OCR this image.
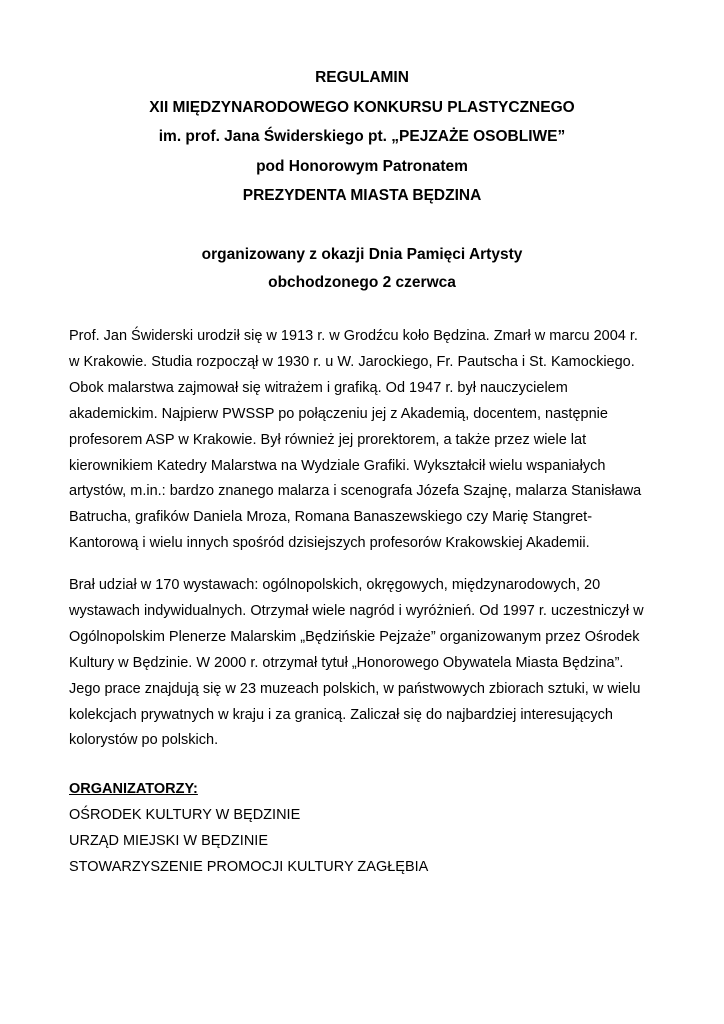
REGULAMIN
XII MIĘDZYNARODOWEGO KONKURSU PLASTYCZNEGO
im. prof. Jana Świderskiego pt. „PEJZAŻE OSOBLIWE”
pod Honorowym Patronatem
PREZYDENTA MIASTA BĘDZINA
organizowany z okazji Dnia Pamięci Artysty
obchodzonego 2 czerwca
Prof. Jan Świderski urodził się w 1913 r. w Grodźcu koło Będzina. Zmarł w marcu 2004 r.
w Krakowie. Studia rozpoczął w 1930 r. u W. Jarockiego, Fr. Pautscha i St. Kamockiego.
Obok malarstwa zajmował się witrażem i grafiką. Od 1947 r. był nauczycielem
akademickim. Najpierw PWSSP po połączeniu jej z Akademią, docentem, następnie
profesorem ASP w Krakowie. Był również jej prorektorem, a także przez wiele lat
kierownikiem Katedry Malarstwa na Wydziale Grafiki. Wykształcił wielu wspaniałych
artystów, m.in.: bardzo znanego malarza i scenografa Józefa Szajnę, malarza Stanisława
Batrucha, grafików Daniela Mroza, Romana Banaszewskiego czy Marię Stangret-
Kantorową i wielu innych spośród dzisiejszych profesorów Krakowskiej Akademii.
Brał udział w 170 wystawach: ogólnopolskich, okręgowych, międzynarodowych, 20
wystawach indywidualnych. Otrzymał wiele nagród i wyróżnień. Od 1997 r. uczestniczył w
Ogólnopolskim Plenerze Malarskim „Będzińskie Pejzaże” organizowanym przez Ośrodek
Kultury w Będzinie. W 2000 r. otrzymał tytuł „Honorowego Obywatela Miasta Będzina”.
Jego prace znajdują się w 23 muzeach polskich, w państwowych zbiorach sztuki, w wielu
kolekcjach prywatnych w kraju i za granicą. Zaliczał się do najbardziej interesujących
kolorystów po polskich.
ORGANIZATORZY:
OŚRODEK KULTURY W BĘDZINIE
URZĄD MIEJSKI W BĘDZINIE
STOWARZYSZENIE PROMOCJI KULTURY ZAGŁĘBIA
